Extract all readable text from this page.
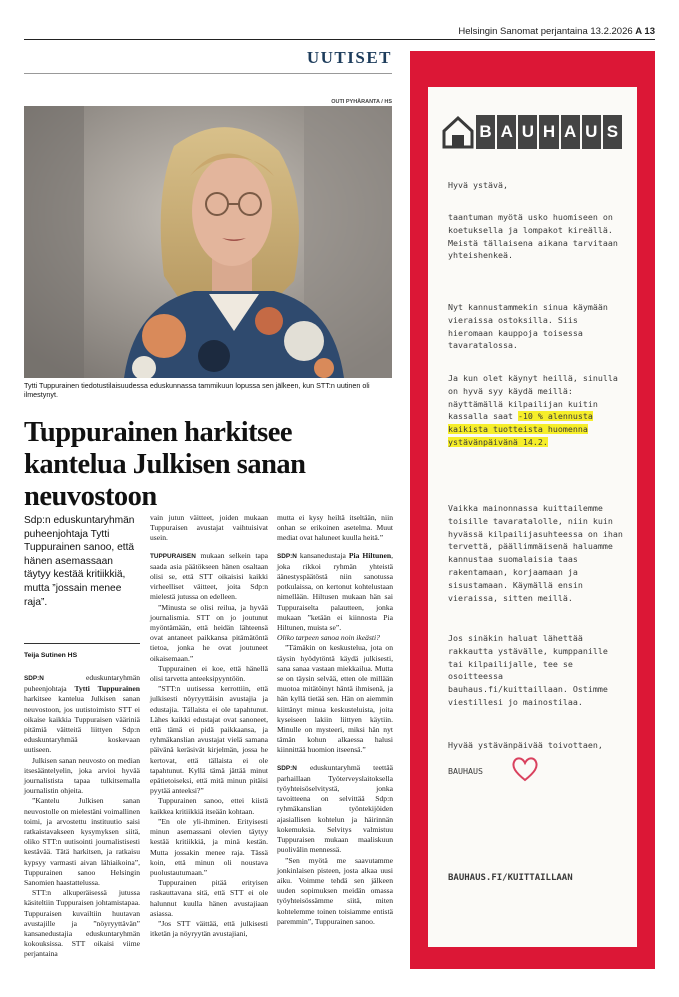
Helsingin Sanomat perjantaina 13.2.2026 A 13
UUTISET
OUTI PYHÄRANTA / HS
Tytti Tuppurainen tiedotustilaisuudessa eduskunnassa tammikuun lopussa sen jälkeen, kun STT:n uutinen oli ilmestynyt.
Tuppurainen harkitsee kantelua Julkisen sanan neuvostoon
Sdp:n eduskuntaryhmän puheenjohtaja Tytti Tuppurainen sanoo, että hänen asemassaan täytyy kestää kritiikkiä, mutta ”jossain menee raja”.
Teija Sutinen HS

SDP:N eduskuntaryhmän puheenjohtaja Tytti Tuppurainen harkitsee kantelua Julkisen sanan neuvostoon, jos uutistoimisto STT ei oikaise kaikkia Tuppuraisen vääriniä pitämiä väitteitä liittyen Sdp:n eduskuntaryhmää koskevaan uutiseen.

Julkisen sanan neuvosto on median itsesääntelyelin, joka arvioi hyvää journalistista tapaa tulkitsemalla journalistin ohjeita.

”Kantelu Julkisen sanan neuvostolle on mielestäni voimallinen toimi, ja arvostettu instituutio saisi ratkaistavakseen kysymyksen siitä, oliko STT:n uutisointi journalistisesti kestävää. Tätä harkitsen, ja ratkaisu kypsyy varmasti aivan lähiaikoina”, Tuppurainen sanoo Helsingin Sanomien haastattelussa.

STT:n alkuperäisessä jutussa käsiteltiin Tuppuraisen johtamistapaa. Tuppuraisen kuvailtiin huutavan avustajille ja ”nöyryyttävän” kansanedustajia eduskuntaryhmän kokouksissa. STT oikaisi viime perjantaina

vain jutun väitteet, joiden mukaan Tuppuraisen avustajat vaihtuisivat usein.

TUPPURAISEN mukaan selkein tapa saada asia päätökseen hänen osaltaan olisi se, että STT oikaisisi kaikki virheelliset väitteet, joita Sdp:n mielestä jutussa on edelleen.

”Minusta se olisi reilua, ja hyvää journalismia. STT on jo joutunut myöntämään, että heidän lähteensä ovat antaneet paikkansa pitämätöntä tietoa, jonka he ovat joutuneet oikaisemaan.”

Tuppurainen ei koe, että hänellä olisi tarvetta anteeksipyyntöön.

”STT:n uutisessa kerrottiin, että julkisesti nöyryyttäisin avustajia ja edustajia. Tällaista ei ole tapahtunut. Lähes kaikki edustajat ovat sanoneet, että tämä ei pidä paikkaansa, ja ryhmäkanslian avustajat vielä samana päivänä keräsivät kirjelmän, jossa he kertovat, että tällaista ei ole tapahtunut. Kyllä tämä jättää minut epätietoiseksi, että mitä minun pitäisi pyytää anteeksi?”

Tuppurainen sanoo, ettei kiistä kaikkea kritiikkiä itseään kohtaan.

”En ole yli-ihminen. Erityisesti minun asemassani olevien täytyy kestää kritiikkiä, ja minä kestän. Mutta jossakin menee raja. Tässä koin, että minun oli noustava puolustautumaan.”

Tuppurainen pitää erityisen raskauttavana sitä, että STT ei ole halunnut kuulla hänen avustajiaan asiassa.

”Jos STT väittää, että julkisesti itketän ja nöyryytän avustajiani,

mutta ei kysy heiltä itseltään, niin onhan se erikoinen asetelma. Muut mediat ovat haluneet kuulla heitä.”

SDP:N kansanedustaja Pia Hiltunen, joka rikkoi ryhmän yhteistä äänestyspäätöstä niin sanotussa potkulaissa, on kertonut kohtelustaan nimellään. Hiltusen mukaan hän sai Tuppuraiselta palautteen, jonka mukaan ”ketään ei kiinnosta Pia Hiltunen, muista se”.

Oliko tarpeen sanoa noin ikeästi?

”Tämäkin on keskustelua, jota on täysin hyödytöntä käydä julkisesti, sana sanaa vastaan miekkailua. Mutta se on täysin selvää, etten ole millään muotoa mitätöinyt häntä ihmisenä, ja hän kyllä tietää sen. Hän on aiemmin kiittänyt minua keskusteluista, joita kyseiseen lakiin liittyen käytiin. Minulle on mysteeri, miksi hän nyt tämän kohun alkaessa halusi kiinnittää huomion itseensä.”

SDP:N eduskuntaryhmä teettää parhaillaan Työterveyslaitoksella työyhteisöselvitystä, jonka tavoitteena on selvittää Sdp:n ryhmäkanslian työntekijöiden ajasiallisen kohtelun ja häirinnän kokemuksia. Selvitys valmistuu Tuppuraisen mukaan maaliskuun puolivälin mennessä.

”Sen myötä me saavutamme jonkinlaisen pisteen, josta alkaa uusi aiku. Voimme tehdä sen jälkeen uuden sopimuksen meidän omassa työyhteisössämme siitä, miten kohtelemme toinen toisiamme entistä paremmin”, Tuppurainen sanoo.

B A U H A U S

Hyvä ystävä,

taantuman myötä usko huomiseen on koetuksella ja lompakot kireällä. Meistä tällaisena aikana tarvitaan yhteishenkeä.

Nyt kannustammekin sinua käymään vieraissa ostoksilla. Siis hieromaan kauppoja toisessa tavaratalossa.

Ja kun olet käynyt heillä, sinulla on hyvä syy käydä meillä: näyttämällä kilpailijan kuitin kassalla saat -10 % alennusta kaikista tuotteista huomenna ystävänpäivänä 14.2.

Vaikka mainonnassa kuittailemme toisille tavaratalolle, niin kuin hyvässä kilpailijasuhteessa on ihan tervettä, päällimmäisenä haluamme kannustaa suomalaisia taas rakentamaan, korjaamaan ja sisustamaan. Käymällä ensin vieraissa, sitten meillä.

Jos sinäkin haluat lähettää rakkautta ystävälle, kumppanille tai kilpailijalle, tee se osoitteessa bauhaus.fi/kuittaillaan. Ostimme viestillesi jo mainostilaa.

Hyvää ystävänpäivää toivottaen,

BAUHAUS

BAUHAUS.FI/KUITTAILLAAN
